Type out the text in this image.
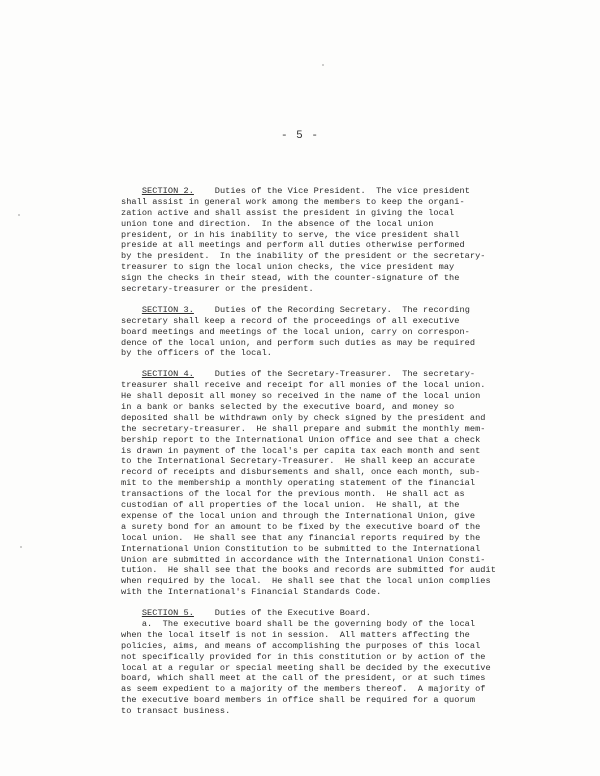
- 5 -
SECTION 2.    Duties of the Vice President.  The vice president
shall assist in general work among the members to keep the organi-
zation active and shall assist the president in giving the local
union tone and direction.  In the absence of the local union
president, or in his inability to serve, the vice president shall
preside at all meetings and perform all duties otherwise performed
by the president.  In the inability of the president or the secretary-
treasurer to sign the local union checks, the vice president may
sign the checks in their stead, with the counter-signature of the
secretary-treasurer or the president.
SECTION 3.    Duties of the Recording Secretary.  The recording
secretary shall keep a record of the proceedings of all executive
board meetings and meetings of the local union, carry on correspon-
dence of the local union, and perform such duties as may be required
by the officers of the local.
SECTION 4.    Duties of the Secretary-Treasurer.  The secretary-
treasurer shall receive and receipt for all monies of the local union.
He shall deposit all money so received in the name of the local union
in a bank or banks selected by the executive board, and money so
deposited shall be withdrawn only by check signed by the president and
the secretary-treasurer.  He shall prepare and submit the monthly mem-
bership report to the International Union office and see that a check
is drawn in payment of the local's per capita tax each month and sent
to the International Secretary-Treasurer.  He shall keep an accurate
record of receipts and disbursements and shall, once each month, sub-
mit to the membership a monthly operating statement of the financial
transactions of the local for the previous month.  He shall act as
custodian of all properties of the local union.  He shall, at the
expense of the local union and through the International Union, give
a surety bond for an amount to be fixed by the executive board of the
local union.  He shall see that any financial reports required by the
International Union Constitution to be submitted to the International
Union are submitted in accordance with the International Union Consti-
tution.  He shall see that the books and records are submitted for audit
when required by the local.  He shall see that the local union complies
with the International's Financial Standards Code.
SECTION 5.    Duties of the Executive Board.
a.  The executive board shall be the governing body of the local
when the local itself is not in session.  All matters affecting the
policies, aims, and means of accomplishing the purposes of this local
not specifically provided for in this constitution or by action of the
local at a regular or special meeting shall be decided by the executive
board, which shall meet at the call of the president, or at such times
as seem expedient to a majority of the members thereof.  A majority of
the executive board members in office shall be required for a quorum
to transact business.
